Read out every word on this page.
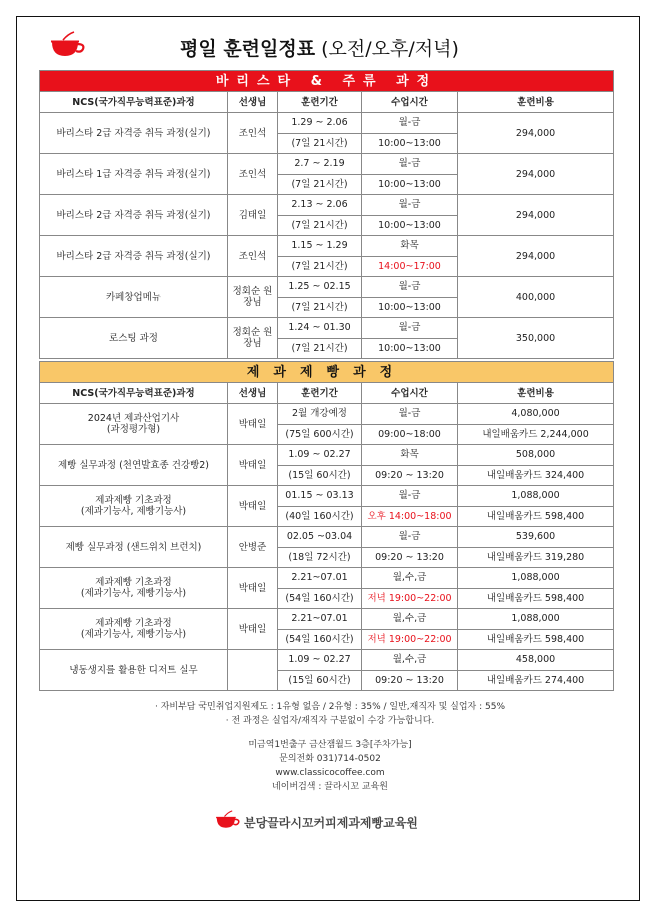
평일 훈련일정표 (오전/오후/저녁)
바리스타 & 주류 과정				
NCS(국가직무능력표준)과정	선생님	훈련기간	수업시간	훈련비용
바리스타 2급 자격증 취득 과정(실기)	조인석	1.29 ~ 2.06	월-금	294,000
		(7일 21시간)	10:00~13:00	
바리스타 1급 자격증 취득 과정(실기)	조인석	2.7 ~ 2.19	월-금	294,000
		(7일 21시간)	10:00~13:00	
바리스타 2급 자격증 취득 과정(실기)	김태일	2.13 ~ 2.06	월-금	294,000
		(7일 21시간)	10:00~13:00	
바리스타 2급 자격증 취득 과정(실기)	조인석	1.15 ~ 1.29	화목	294,000
		(7일 21시간)	14:00~17:00	
카페창업메뉴	정회순 원장님	1.25 ~ 02.15	월-금	400,000
		(7일 21시간)	10:00~13:00	
로스팅 과정	정회순 원장님	1.24 ~ 01.30	월-금	350,000
		(7일 21시간)	10:00~13:00	
제과제빵과정				
NCS(국가직무능력표준)과정	선생님	훈련기간	수업시간	훈련비용

2024년 제과산업기사
(과정평가형)	박태일	2월 개강예정	월-금	4,080,000
		(75일 600시간)	09:00~18:00	내일배움카드 2,244,000

제빵 실무과정 (천연발효종 건강빵2)	박태일	1.09 ~ 02.27	화목	508,000
		(15일 60시간)	09:20 ~ 13:20	내일배움카드 324,400

제과제빵 기초과정
(제과기능사, 제빵기능사)	박태일	01.15 ~ 03.13	월-금	1,088,000
		(40일 160시간)	오후 14:00~18:00	내일배움카드 598,400

제빵 실무과정 (샌드위치 브런치)	안병준	02.05 ~03.04	월-금	539,600
		(18일 72시간)	09:20 ~ 13:20	내일배움카드 319,280

제과제빵 기초과정
(제과기능사, 제빵기능사)	박태일	2.21~07.01	월,수,금	1,088,000
		(54일 160시간)	저녁 19:00~22:00	내일배움카드 598,400

제과제빵 기초과정
(제과기능사, 제빵기능사)	박태일	2.21~07.01	월,수,금	1,088,000
		(54일 160시간)	저녁 19:00~22:00	내일배움카드 598,400

냉동생지를 활용한 디저트 실무		1.09 ~ 02.27	월,수,금	458,000
		(15일 60시간)	09:20 ~ 13:20	내일배움카드 274,400
· 자비부담 국민취업지원제도 : 1유형 없음 / 2유형 : 35% / 일반,재직자 및 실업자 : 55%
· 전 과정은 실업자/재직자 구분없이 수강 가능합니다.
미금역1번출구 금산잼월드 3층[주차가능]
문의전화 031)714-0502
www.classicocoffee.com
네이버검색 : 끌라시꼬 교육원
분당끌라시꼬커피제과제빵교육원
